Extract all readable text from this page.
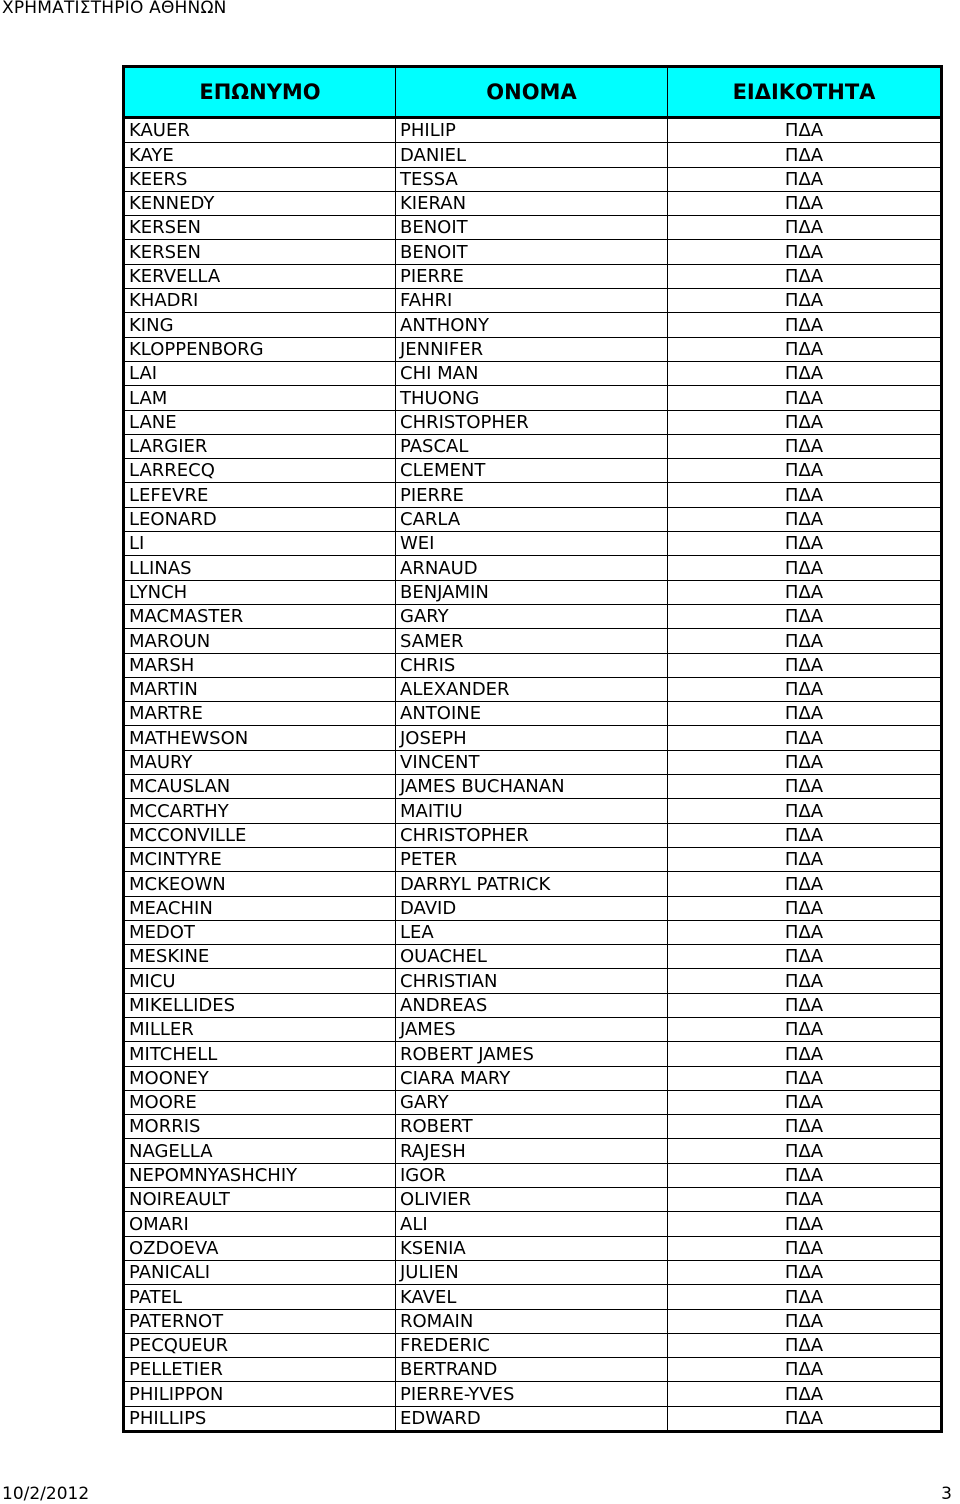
ΧΡΗΜΑΤΙΣΤΗΡΙΟ ΑΘΗΝΩΝ
ΕΠΩΝΥΜΟ	ΟΝΟΜΑ	ΕΙΔΙΚΟΤΗΤΑ
KAUER	PHILIP	ΠΔΑ
KAYE	DANIEL	ΠΔΑ
KEERS	TESSA	ΠΔΑ
KENNEDY	KIERAN	ΠΔΑ
KERSEN	BENOIT	ΠΔΑ
KERSEN	BENOIT	ΠΔΑ
KERVELLA	PIERRE	ΠΔΑ
KHADRI	FAHRI	ΠΔΑ
KING	ANTHONY	ΠΔΑ
KLOPPENBORG	JENNIFER	ΠΔΑ
LAI	CHI MAN	ΠΔΑ
LAM	THUONG	ΠΔΑ
LANE	CHRISTOPHER	ΠΔΑ
LARGIER	PASCAL	ΠΔΑ
LARRECQ	CLEMENT	ΠΔΑ
LEFEVRE	PIERRE	ΠΔΑ
LEONARD	CARLA	ΠΔΑ
LI	WEI	ΠΔΑ
LLINAS	ARNAUD	ΠΔΑ
LYNCH	BENJAMIN	ΠΔΑ
MACMASTER	GARY	ΠΔΑ
MAROUN	SAMER	ΠΔΑ
MARSH	CHRIS	ΠΔΑ
MARTIN	ALEXANDER	ΠΔΑ
MARTRE	ANTOINE	ΠΔΑ
MATHEWSON	JOSEPH	ΠΔΑ
MAURY	VINCENT	ΠΔΑ
MCAUSLAN	JAMES BUCHANAN	ΠΔΑ
MCCARTHY	MAITIU	ΠΔΑ
MCCONVILLE	CHRISTOPHER	ΠΔΑ
MCINTYRE	PETER	ΠΔΑ
MCKEOWN	DARRYL PATRICK	ΠΔΑ
MEACHIN	DAVID	ΠΔΑ
MEDOT	LEA	ΠΔΑ
MESKINE	OUACHEL	ΠΔΑ
MICU	CHRISTIAN	ΠΔΑ
MIKELLIDES	ANDREAS	ΠΔΑ
MILLER	JAMES	ΠΔΑ
MITCHELL	ROBERT JAMES	ΠΔΑ
MOONEY	CIARA MARY	ΠΔΑ
MOORE	GARY	ΠΔΑ
MORRIS	ROBERT	ΠΔΑ
NAGELLA	RAJESH	ΠΔΑ
NEPOMNYASHCHIY	IGOR	ΠΔΑ
NOIREAULT	OLIVIER	ΠΔΑ
OMARI	ALI	ΠΔΑ
OZDOEVA	KSENIA	ΠΔΑ
PANICALI	JULIEN	ΠΔΑ
PATEL	KAVEL	ΠΔΑ
PATERNOT	ROMAIN	ΠΔΑ
PECQUEUR	FREDERIC	ΠΔΑ
PELLETIER	BERTRAND	ΠΔΑ
PHILIPPON	PIERRE-YVES	ΠΔΑ
PHILLIPS	EDWARD	ΠΔΑ
10/2/2012	3
